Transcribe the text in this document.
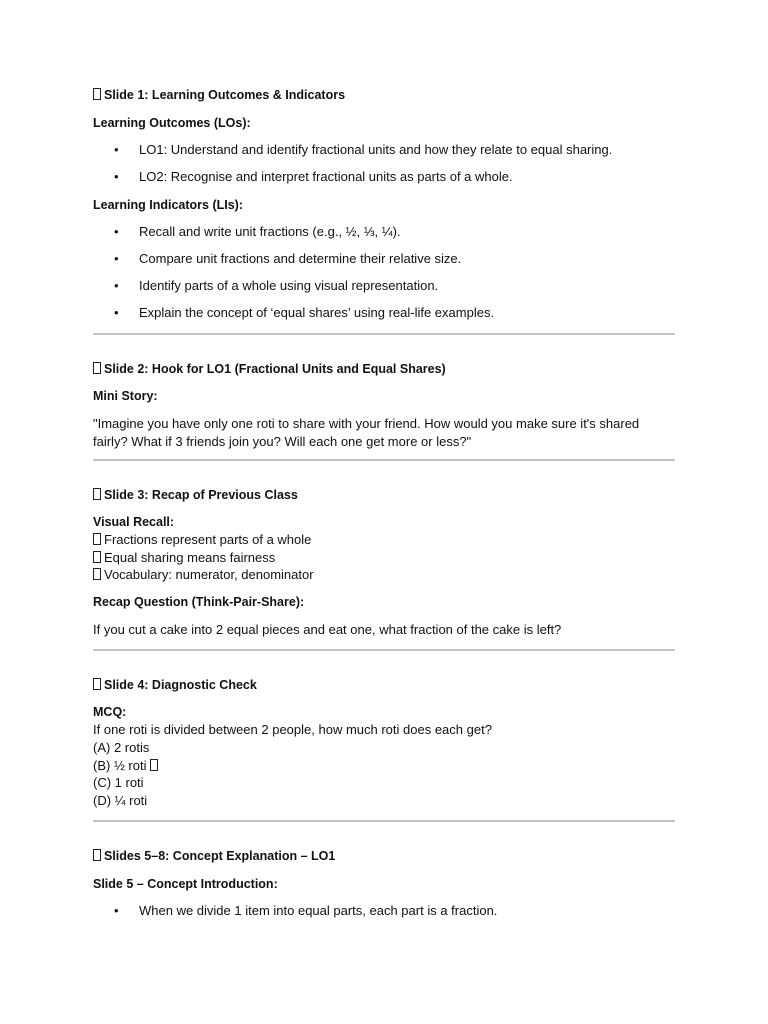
Slide 1: Learning Outcomes & Indicators
Learning Outcomes (LOs):
• LO1: Understand and identify fractional units and how they relate to equal sharing.
• LO2: Recognise and interpret fractional units as parts of a whole.
Learning Indicators (LIs):
• Recall and write unit fractions (e.g., ½, ⅓, ¼).
• Compare unit fractions and determine their relative size.
• Identify parts of a whole using visual representation.
• Explain the concept of ‘equal shares’ using real-life examples.
Slide 2: Hook for LO1 (Fractional Units and Equal Shares)
Mini Story:

"Imagine you have only one roti to share with your friend. How would you make sure it's shared fairly? What if 3 friends join you? Will each one get more or less?"

Slide 3: Recap of Previous Class
Visual Recall:
Fractions represent parts of a whole
Equal sharing means fairness
Vocabulary: numerator, denominator
Recap Question (Think-Pair-Share):

If you cut a cake into 2 equal pieces and eat one, what fraction of the cake is left?

Slide 4: Diagnostic Check
MCQ:
If one roti is divided between 2 people, how much roti does each get?
(A) 2 rotis
(B) ½ roti
(C) 1 roti
(D) ¼ roti
Slides 5–8: Concept Explanation – LO1
Slide 5 – Concept Introduction:
• When we divide 1 item into equal parts, each part is a fraction.
